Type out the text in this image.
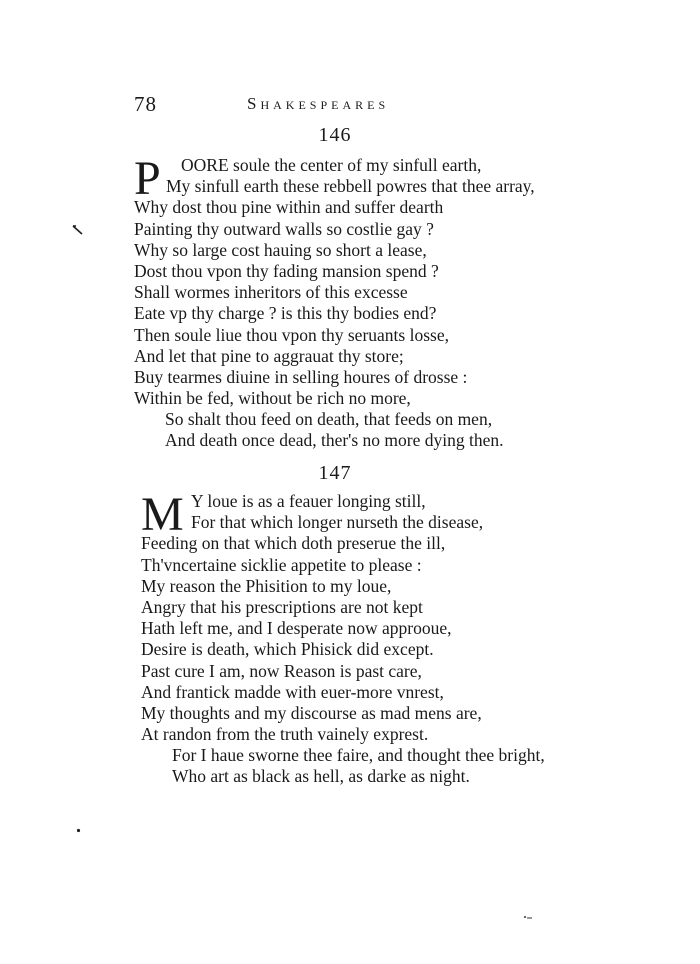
78	Shakespeares
146
P	OORE soule the center of my sinfull earth,
My sinfull earth these rebbell powres that thee array,
Why dost thou pine within and suffer dearth
Painting thy outward walls so costlie gay ?
Why so large cost hauing so short a lease,
Dost thou vpon thy fading mansion spend ?
Shall wormes inheritors of this excesse
Eate vp thy charge ? is this thy bodies end?
Then soule liue thou vpon thy seruants losse,
And let that pine to aggrauat thy store;
Buy tearmes diuine in selling houres of drosse :
Within be fed, without be rich no more,
So shalt thou feed on death, that feeds on men,
And death once dead, ther's no more dying then.
147
M Y loue is as a feauer longing still,
For that which longer nurseth the disease,
Feeding on that which doth preserue the ill,
Th'vncertaine sicklie appetite to please :
My reason the Phisition to my loue,
Angry that his prescriptions are not kept
Hath left me, and I desperate now approoue,
Desire is death, which Phisick did except.
Past cure I am, now Reason is past care,
And frantick madde with euer-more vnrest,
My thoughts and my discourse as mad mens are,
At randon from the truth vainely exprest.
For I haue sworne thee faire, and thought thee bright,
Who art as black as hell, as darke as night.
